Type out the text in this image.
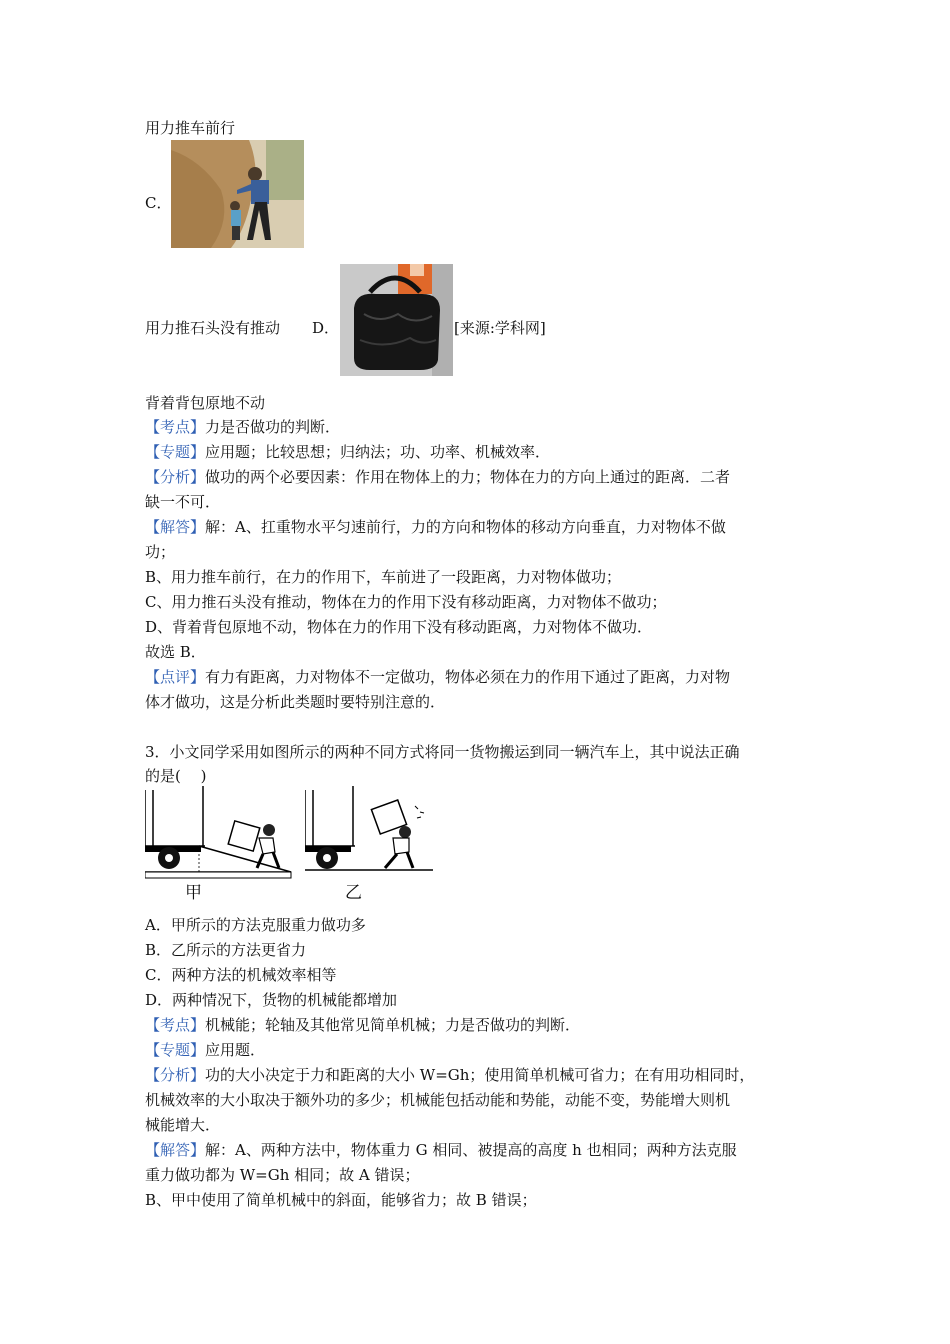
用力推车前行
C．
用力推石头没有推动 D．	[来源:学科网]
背着背包原地不动
【考点】力是否做功的判断．
【专题】应用题；比较思想；归纳法；功、功率、机械效率．
【分析】做功的两个必要因素：作用在物体上的力；物体在力的方向上通过的距离．二者
缺一不可．
【解答】解：A、扛重物水平匀速前行，力的方向和物体的移动方向垂直，力对物体不做
功；
B、用力推车前行，在力的作用下，车前进了一段距离，力对物体做功；
C、用力推石头没有推动，物体在力的作用下没有移动距离，力对物体不做功；
D、背着背包原地不动，物体在力的作用下没有移动距离，力对物体不做功．
故选 B．
【点评】有力有距离，力对物体不一定做功，物体必须在力的作用下通过了距离，力对物
体才做功，这是分析此类题时要特别注意的．
3．小文同学采用如图所示的两种不同方式将同一货物搬运到同一辆汽车上，其中说法正确
的是(　 )
甲	乙
A．甲所示的方法克服重力做功多
B．乙所示的方法更省力
C．两种方法的机械效率相等
D．两种情况下，货物的机械能都增加
【考点】机械能；轮轴及其他常见简单机械；力是否做功的判断．
【专题】应用题．
【分析】功的大小决定于力和距离的大小 W=Gh；使用简单机械可省力；在有用功相同时，
机械效率的大小取决于额外功的多少；机械能包括动能和势能，动能不变，势能增大则机
械能增大．
【解答】解：A、两种方法中，物体重力 G 相同、被提高的高度 h 也相同；两种方法克服
重力做功都为 W=Gh 相同；故 A 错误；
B、甲中使用了简单机械中的斜面，能够省力；故 B 错误；
